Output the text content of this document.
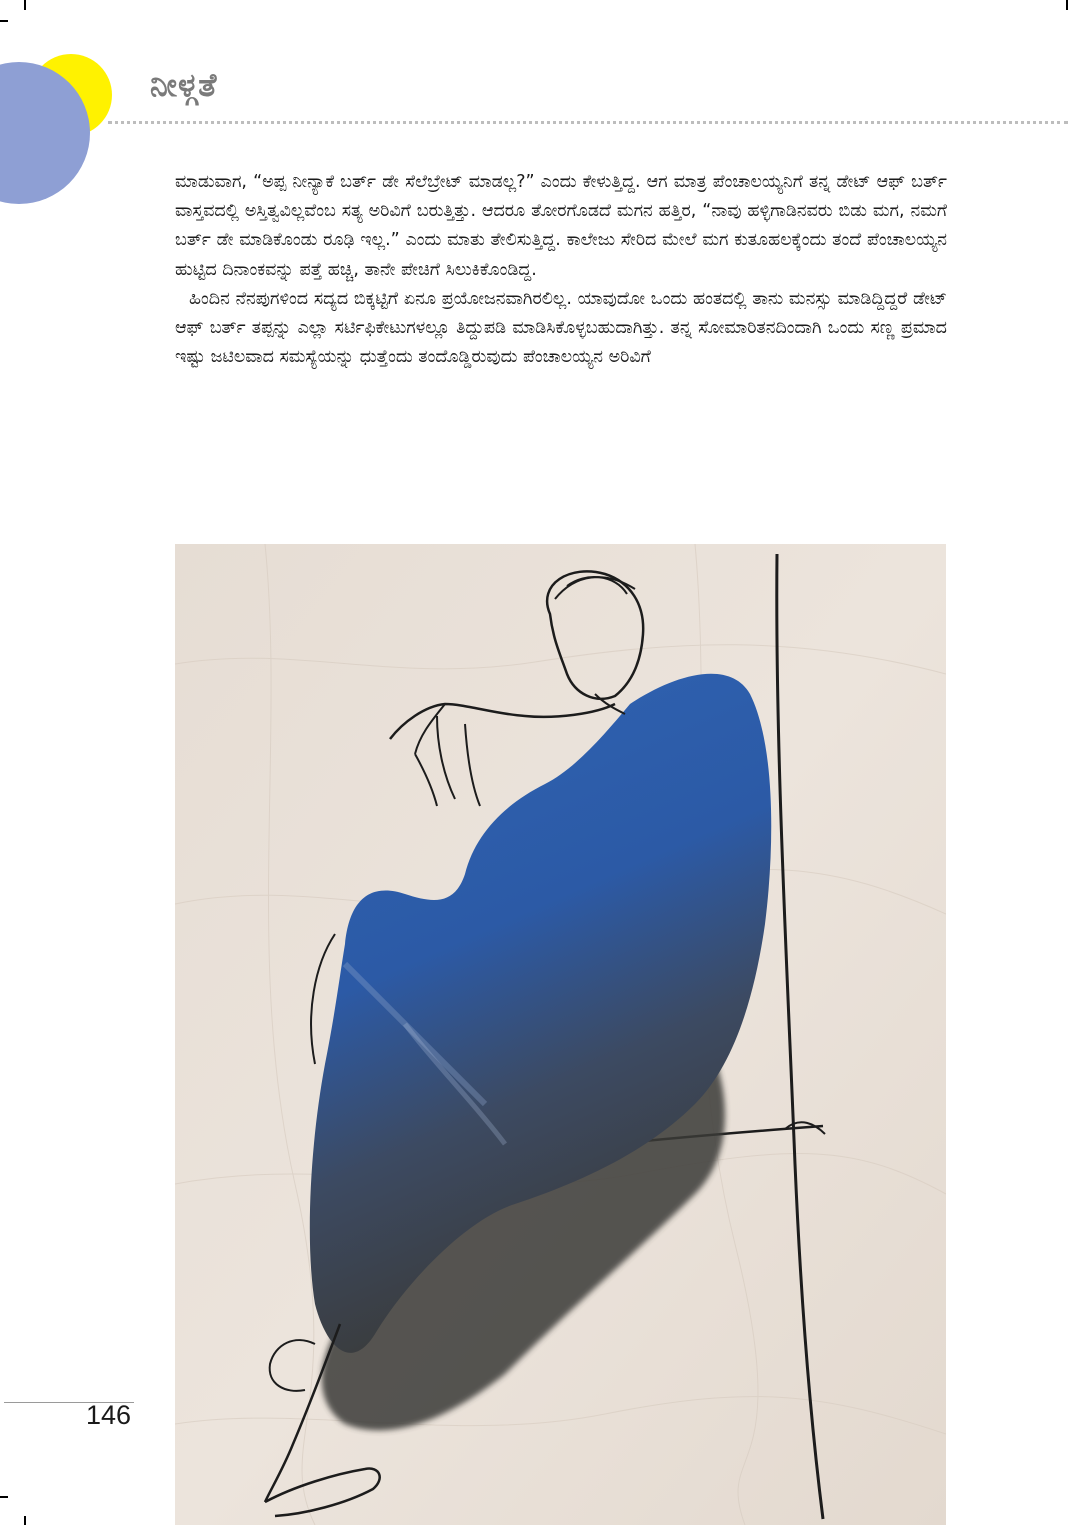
ನೀಳ್ಗತೆ

ಮಾಡುವಾಗ, “ಅಪ್ಪ ನೀನ್ಯಾಕೆ ಬರ್ತ್ ಡೇ ಸೆಲೆಬ್ರೇಟ್ ಮಾಡಲ್ಲ?” ಎಂದು ಕೇಳುತ್ತಿದ್ದ. ಆಗ ಮಾತ್ರ ಪೆಂಚಾಲಯ್ಯನಿಗೆ ತನ್ನ ಡೇಟ್ ಆಫ್ ಬರ್ತ್ ವಾಸ್ತವದಲ್ಲಿ ಅಸ್ತಿತ್ವವಿಲ್ಲವೆಂಬ ಸತ್ಯ ಅರಿವಿಗೆ ಬರುತ್ತಿತ್ತು. ಆದರೂ ತೋರಗೊಡದೆ ಮಗನ ಹತ್ತಿರ, “ನಾವು ಹಳ್ಳಿಗಾಡಿನವರು ಬಿಡು ಮಗ, ನಮಗೆ ಬರ್ತ್ ಡೇ ಮಾಡಿಕೊಂಡು ರೂಢಿ ಇಲ್ಲ.” ಎಂದು ಮಾತು ತೇಲಿಸುತ್ತಿದ್ದ. ಕಾಲೇಜು ಸೇರಿದ ಮೇಲೆ ಮಗ ಕುತೂಹಲಕ್ಕೆಂದು ತಂದೆ ಪೆಂಚಾಲಯ್ಯನ ಹುಟ್ಟಿದ ದಿನಾಂಕವನ್ನು ಪತ್ತೆ ಹಚ್ಚಿ, ತಾನೇ ಪೇಚಿಗೆ ಸಿಲುಕಿಕೊಂಡಿದ್ದ.

ಹಿಂದಿನ ನೆನಪುಗಳಿಂದ ಸದ್ಯದ ಬಿಕ್ಕಟ್ಟಿಗೆ ಏನೂ ಪ್ರಯೋಜನವಾಗಿರಲಿಲ್ಲ. ಯಾವುದೋ ಒಂದು ಹಂತದಲ್ಲಿ ತಾನು ಮನಸ್ಸು ಮಾಡಿದ್ದಿದ್ದರೆ ಡೇಟ್ ಆಫ್ ಬರ್ತ್ ತಪ್ಪನ್ನು ಎಲ್ಲಾ ಸರ್ಟಿಫಿಕೇಟುಗಳಲ್ಲೂ ತಿದ್ದುಪಡಿ ಮಾಡಿಸಿಕೊಳ್ಳಬಹುದಾಗಿತ್ತು. ತನ್ನ ಸೋಮಾರಿತನದಿಂದಾಗಿ ಒಂದು ಸಣ್ಣ ಪ್ರಮಾದ ಇಷ್ಟು ಜಟಿಲವಾದ ಸಮಸ್ಯೆಯನ್ನು ಧುತ್ತೆಂದು ತಂದೊಡ್ಡಿರುವುದು ಪೆಂಚಾಲಯ್ಯನ ಅರಿವಿಗೆ

146
